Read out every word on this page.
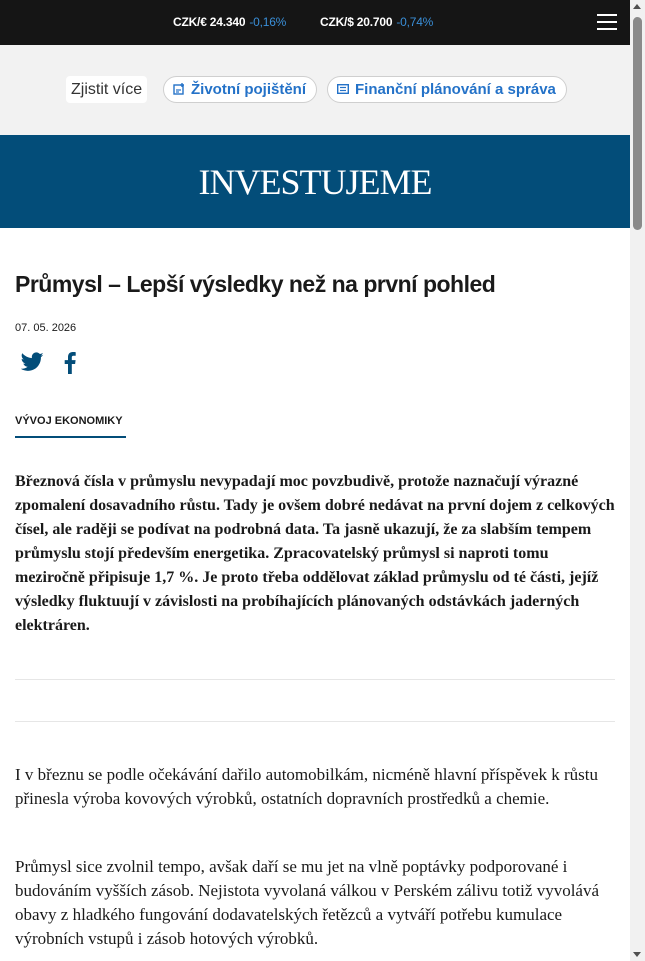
CZK/€ 24.340 -0,16%	CZK/$ 20.700 -0,74%
Zjistit více	Životní pojištění	Finanční plánování a správa
INVESTUJEME
Průmysl – Lepší výsledky než na první pohled
07. 05. 2026
VÝVOJ EKONOMIKY

Březnová čísla v průmyslu nevypadají moc povzbudivě, protože naznačují výrazné zpomalení dosavadního růstu. Tady je ovšem dobré nedávat na první dojem z celkových čísel, ale raději se podívat na podrobná data. Ta jasně ukazují, že za slabším tempem průmyslu stojí především energetika. Zpracovatelský průmysl si naproti tomu meziročně připisuje 1,7 %. Je proto třeba oddělovat základ průmyslu od té části, jejíž výsledky fluktuují v závislosti na probíhajících plánovaných odstávkách jaderných elektráren.

I v březnu se podle očekávání dařilo automobilkám, nicméně hlavní příspěvek k růstu přinesla výroba kovových výrobků, ostatních dopravních prostředků a chemie.

Průmysl sice zvolnil tempo, avšak daří se mu jet na vlně poptávky podporované i budováním vyšších zásob. Nejistota vyvolaná válkou v Perském zálivu totiž vyvolává obavy z hladkého fungování dodavatelských řetězců a vytváří potřebu kumulace výrobních vstupů i zásob hotových výrobků.
